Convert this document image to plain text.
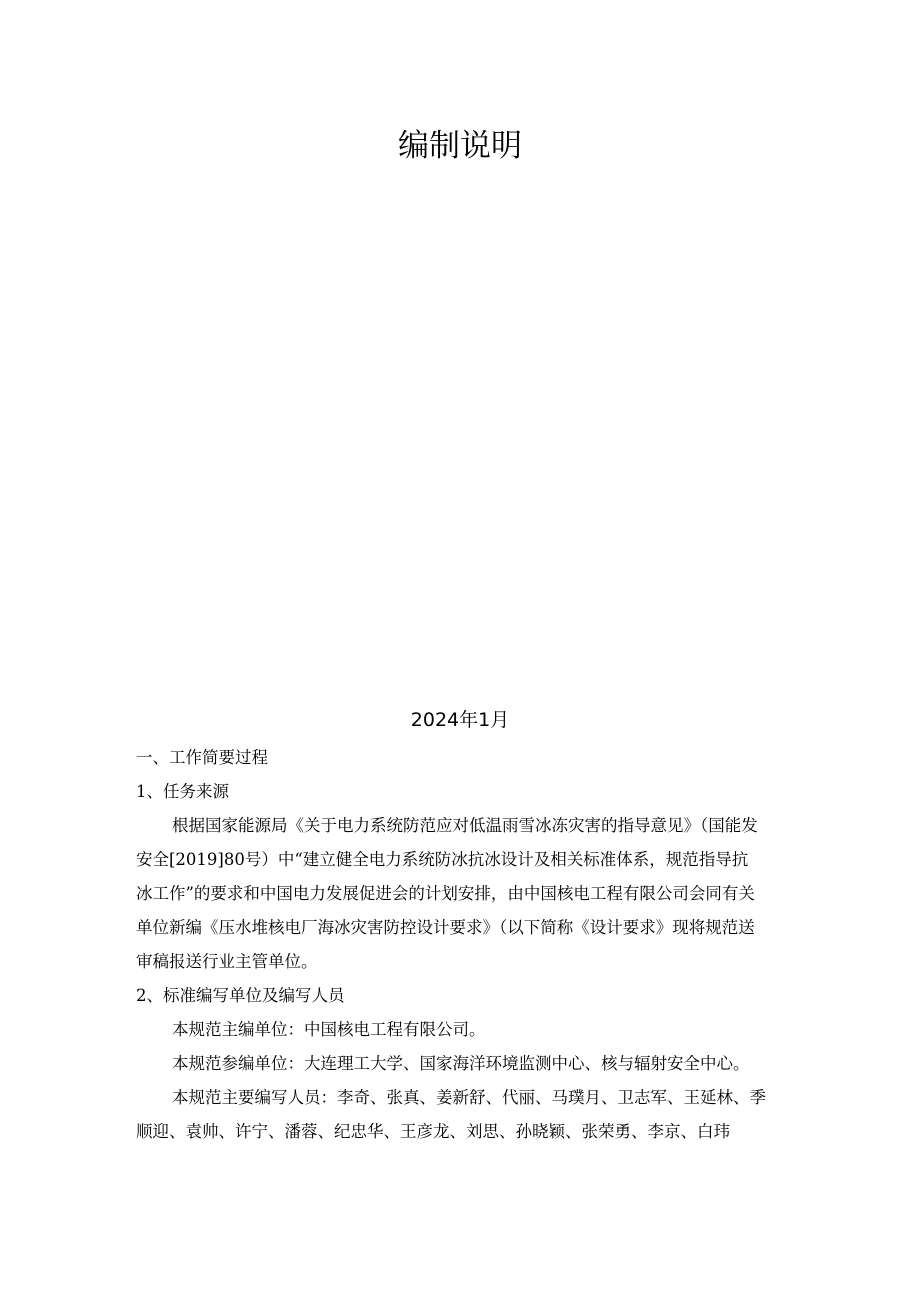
编制说明
2024年1月
一、工作简要过程
1、任务来源
根据国家能源局《关于电力系统防范应对低温雨雪冰冻灾害的指导意见》（国能发
安全[2019]80号）中“建立健全电力系统防冰抗冰设计及相关标准体系，规范指导抗
冰工作”的要求和中国电力发展促进会的计划安排，由中国核电工程有限公司会同有关
单位新编《压水堆核电厂海冰灾害防控设计要求》（以下简称《设计要求》现将规范送
审稿报送行业主管单位。
2、标准编写单位及编写人员
本规范主编单位：中国核电工程有限公司。
本规范参编单位：大连理工大学、国家海洋环境监测中心、核与辐射安全中心。
本规范主要编写人员：李奇、张真、姜新舒、代丽、马璞月、卫志军、王延林、季
顺迎、袁帅、许宁、潘蓉、纪忠华、王彦龙、刘思、孙晓颖、张荣勇、李京、白玮
